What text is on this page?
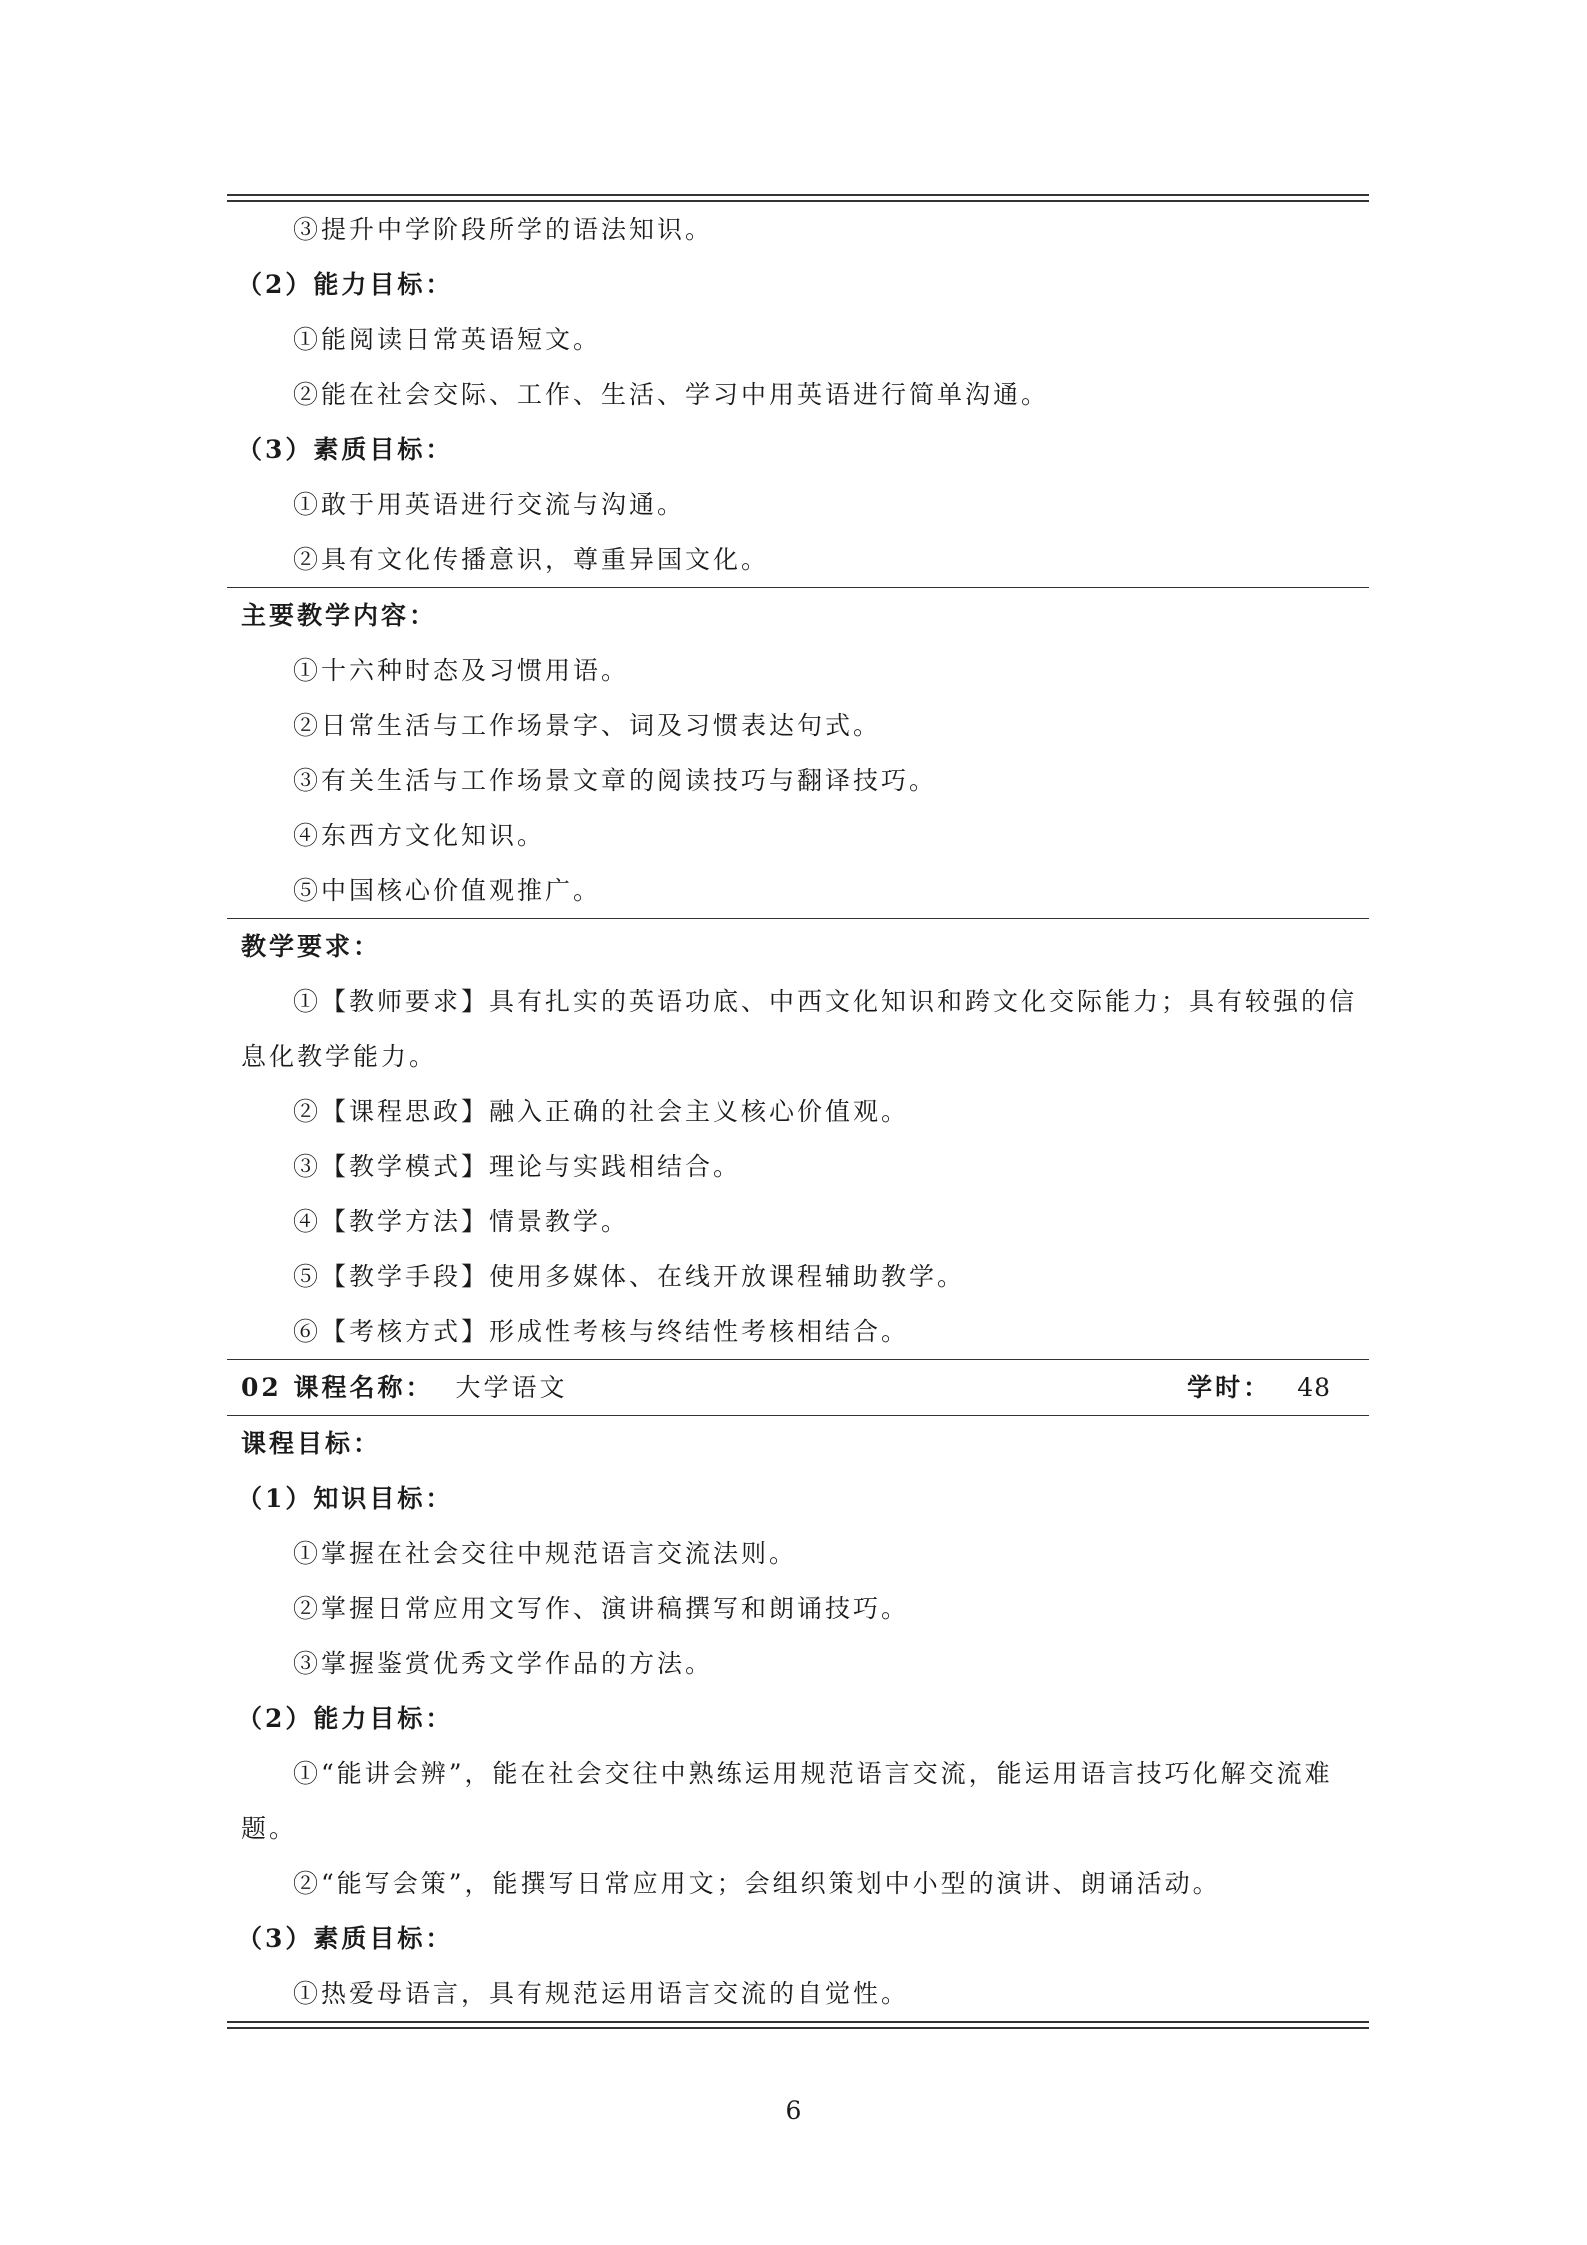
③提升中学阶段所学的语法知识。
（2）能力目标：
①能阅读日常英语短文。
②能在社会交际、工作、生活、学习中用英语进行简单沟通。
（3）素质目标：
①敢于用英语进行交流与沟通。
②具有文化传播意识，尊重异国文化。
主要教学内容：
①十六种时态及习惯用语。
②日常生活与工作场景字、词及习惯表达句式。
③有关生活与工作场景文章的阅读技巧与翻译技巧。
④东西方文化知识。
⑤中国核心价值观推广。
教学要求：
①【教师要求】具有扎实的英语功底、中西文化知识和跨文化交际能力；具有较强的信
息化教学能力。
②【课程思政】融入正确的社会主义核心价值观。
③【教学模式】理论与实践相结合。
④【教学方法】情景教学。
⑤【教学手段】使用多媒体、在线开放课程辅助教学。
⑥【考核方式】形成性考核与终结性考核相结合。
02 课程名称： 大学语文	学时： 48
课程目标：
（1）知识目标：
①掌握在社会交往中规范语言交流法则。
②掌握日常应用文写作、演讲稿撰写和朗诵技巧。
③掌握鉴赏优秀文学作品的方法。
（2）能力目标：
①“能讲会辨”，能在社会交往中熟练运用规范语言交流，能运用语言技巧化解交流难
题。
②“能写会策”，能撰写日常应用文；会组织策划中小型的演讲、朗诵活动。
（3）素质目标：
①热爱母语言，具有规范运用语言交流的自觉性。
6
